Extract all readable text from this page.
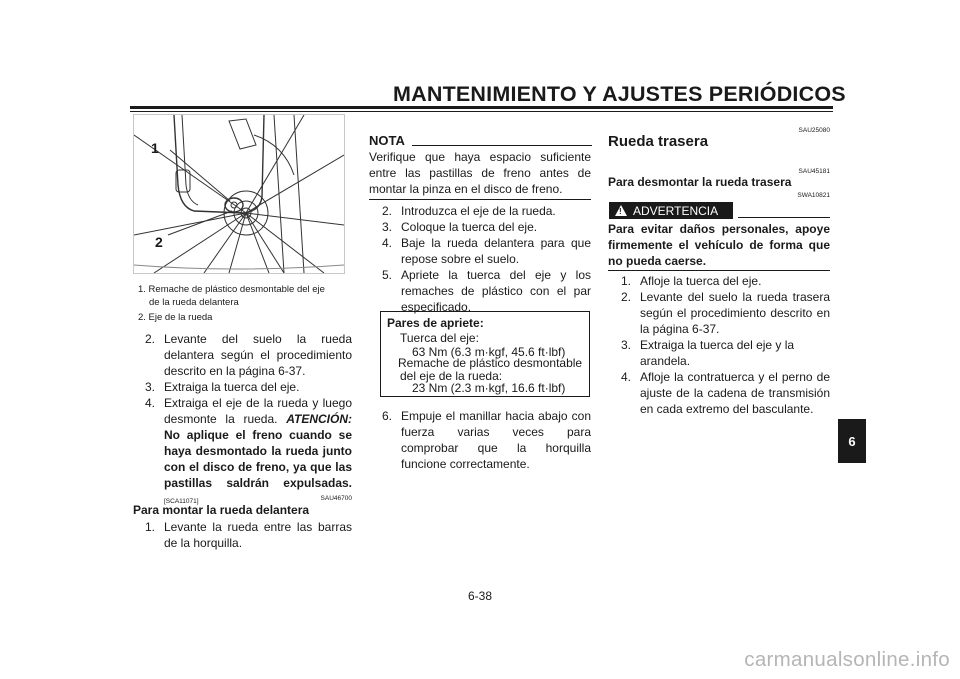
MANTENIMIENTO Y AJUSTES PERIÓDICOS
6
1
2
1. Remache de plástico desmontable del eje
de la rueda delantera
2. Eje de la rueda
2. Levante del suelo la rueda delantera según el procedimiento descrito en la página 6-37.
3. Extraiga la tuerca del eje.
4. Extraiga el eje de la rueda y luego desmonte la rueda. ATENCIÓN: No aplique el freno cuando se haya desmontado la rueda junto con el disco de freno, ya que las pastillas saldrán expulsadas.[SCA11071]	SAU46700
Para montar la rueda delantera
1. Levante la rueda entre las barras de la horquilla.
NOTA
Verifique que haya espacio suficiente entre las pastillas de freno antes de montar la pinza en el disco de freno.
2. Introduzca el eje de la rueda.
3. Coloque la tuerca del eje.
4. Baje la rueda delantera para que repose sobre el suelo.
5. Apriete la tuerca del eje y los remaches de plástico con el par especificado.
Pares de apriete:
Tuerca del eje:
63 Nm (6.3 m·kgf, 45.6 ft·lbf)
Remache de plástico desmontable
del eje de la rueda:
23 Nm (2.3 m·kgf, 16.6 ft·lbf)
6. Empuje el manillar hacia abajo con fuerza varias veces para comprobar que la horquilla funcione correctamente.
SAU25080
Rueda trasera
SAU45181
Para desmontar la rueda trasera
SWA10821
! ADVERTENCIA
Para evitar daños personales, apoye firmemente el vehículo de forma que no pueda caerse.
1. Afloje la tuerca del eje.
2. Levante del suelo la rueda trasera según el procedimiento descrito en la página 6-37.
3. Extraiga la tuerca del eje y la arandela.
4. Afloje la contratuerca y el perno de ajuste de la cadena de transmisión en cada extremo del basculante.
6-38
carmanualsonline.info
